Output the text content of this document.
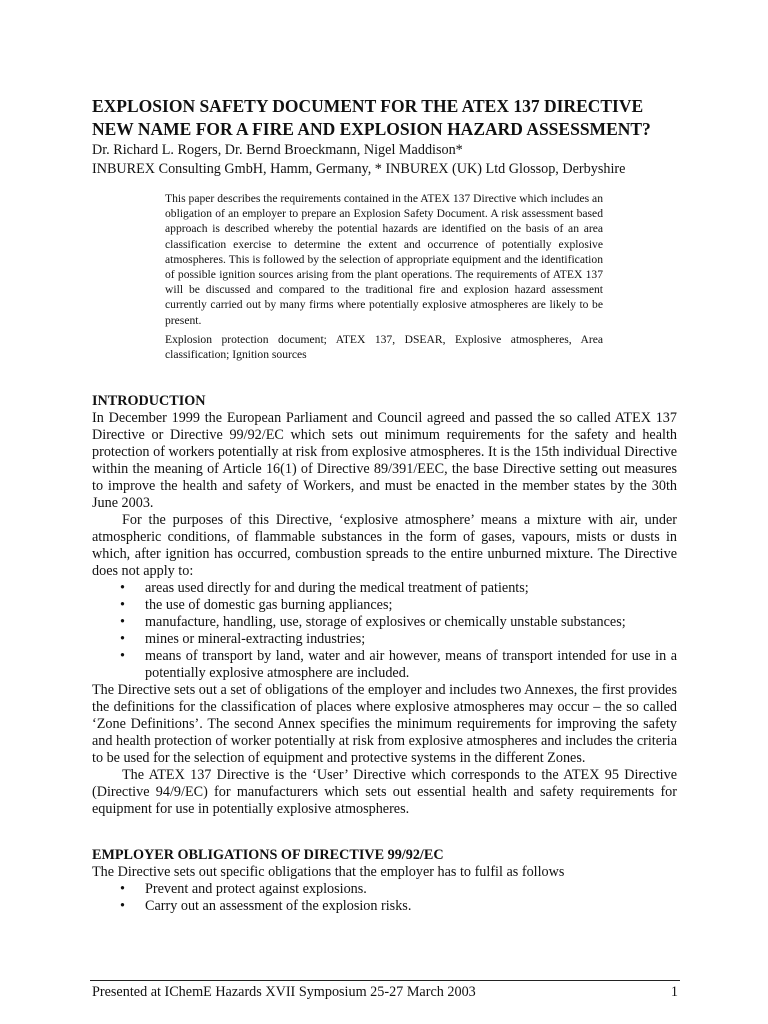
EXPLOSION SAFETY DOCUMENT FOR THE ATEX 137 DIRECTIVE
NEW NAME FOR A FIRE AND EXPLOSION HAZARD ASSESSMENT?
Dr. Richard L. Rogers, Dr. Bernd Broeckmann, Nigel Maddison*
INBUREX Consulting GmbH, Hamm, Germany, * INBUREX (UK) Ltd Glossop, Derbyshire

This paper describes the requirements contained in the ATEX 137 Directive which includes an obligation of an employer to prepare an Explosion Safety Document. A risk assessment based approach is described whereby the potential hazards are identified on the basis of an area classification exercise to determine the extent and occurrence of potentially explosive atmospheres. This is followed by the selection of appropriate equipment and the identification of possible ignition sources arising from the plant operations. The requirements of ATEX 137 will be discussed and compared to the traditional fire and explosion hazard assessment currently carried out by many firms where potentially explosive atmospheres are likely to be present.

Explosion protection document; ATEX 137, DSEAR, Explosive atmospheres, Area classification; Ignition sources

INTRODUCTION

In December 1999 the European Parliament and Council agreed and passed the so called ATEX 137 Directive or Directive 99/92/EC which sets out minimum requirements for the safety and health protection of workers potentially at risk from explosive atmospheres. It is the 15th individual Directive within the meaning of Article 16(1) of Directive 89/391/EEC, the base Directive setting out measures to improve the health and safety of Workers, and must be enacted in the member states by the 30th June 2003.

For the purposes of this Directive, ‘explosive atmosphere’ means a mixture with air, under atmospheric conditions, of flammable substances in the form of gases, vapours, mists or dusts in which, after ignition has occurred, combustion spreads to the entire unburned mixture. The Directive does not apply to:

• areas used directly for and during the medical treatment of patients;
• the use of domestic gas burning appliances;
• manufacture, handling, use, storage of explosives or chemically unstable substances;
• mines or mineral-extracting industries;
• means of transport by land, water and air however, means of transport intended for use in a potentially explosive atmosphere are included.

The Directive sets out a set of obligations of the employer and includes two Annexes, the first provides the definitions for the classification of places where explosive atmospheres may occur – the so called ‘Zone Definitions’. The second Annex specifies the minimum requirements for improving the safety and health protection of worker potentially at risk from explosive atmospheres and includes the criteria to be used for the selection of equipment and protective systems in the different Zones.

The ATEX 137 Directive is the ‘User’ Directive which corresponds to the ATEX 95 Directive (Directive 94/9/EC) for manufacturers which sets out essential health and safety requirements for equipment for use in potentially explosive atmospheres.

EMPLOYER OBLIGATIONS OF DIRECTIVE 99/92/EC

The Directive sets out specific obligations that the employer has to fulfil as follows

• Prevent and protect against explosions.
• Carry out an assessment of the explosion risks.
Presented at IChemE Hazards XVII Symposium 25-27 March 2003	1
